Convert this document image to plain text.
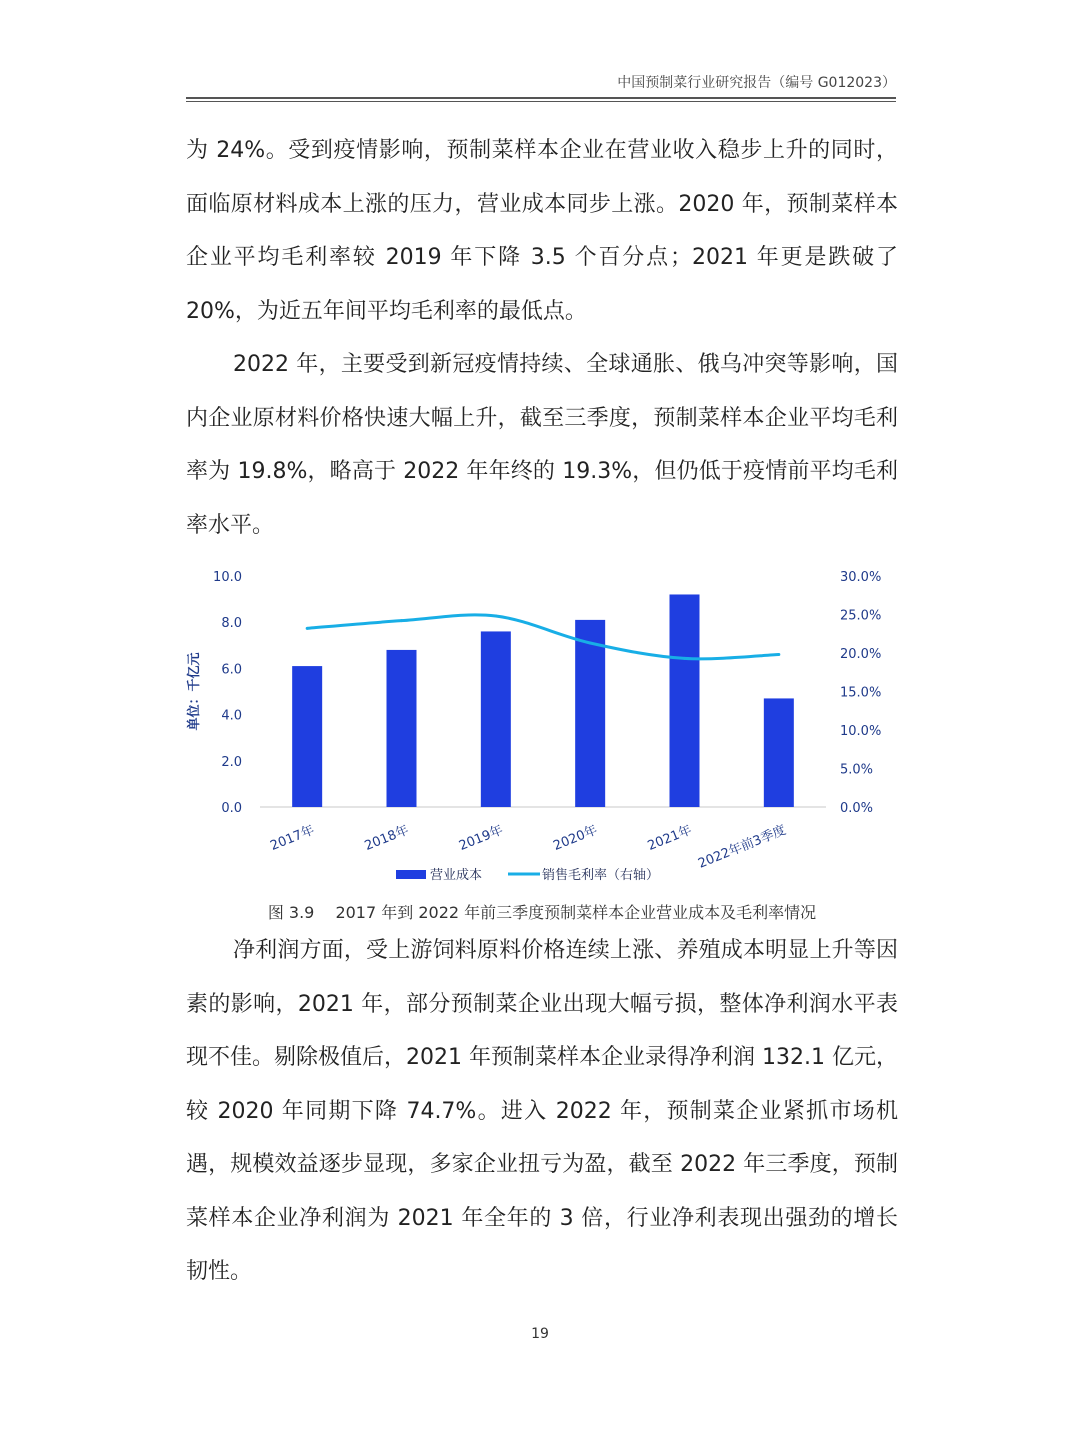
中国预制菜行业研究报告（编号 G012023）

为 24%。受到疫情影响，预制菜样本企业在营业收入稳步上升的同时，面临原材料成本上涨的压力，营业成本同步上涨。2020 年，预制菜样本企业平均毛利率较 2019 年下降 3.5 个百分点；2021 年更是跌破了 20%，为近五年间平均毛利率的最低点。

2022 年，主要受到新冠疫情持续、全球通胀、俄乌冲突等影响，国内企业原材料价格快速大幅上升，截至三季度，预制菜样本企业平均毛利率为 19.8%，略高于 2022 年年终的 19.3%，但仍低于疫情前平均毛利率水平。

0.0
2.0
4.0
6.0
8.0
10.0
0.0%
5.0%
10.0%
15.0%
20.0%
25.0%
30.0%
单位：千亿元
2017年	2018年	2019年	2020年	2021年 2022年前3季度
营业成本	销售毛利率（右轴）
图 3.9　 2017 年到 2022 年前三季度预制菜样本企业营业成本及毛利率情况

净利润方面，受上游饲料原料价格连续上涨、养殖成本明显上升等因素的影响，2021 年，部分预制菜企业出现大幅亏损，整体净利润水平表现不佳。剔除极值后，2021 年预制菜样本企业录得净利润 132.1 亿元，较 2020 年同期下降 74.7%。进入 2022 年，预制菜企业紧抓市场机遇，规模效益逐步显现，多家企业扭亏为盈，截至 2022 年三季度，预制菜样本企业净利润为 2021 年全年的 3 倍，行业净利表现出强劲的增长韧性。

19
